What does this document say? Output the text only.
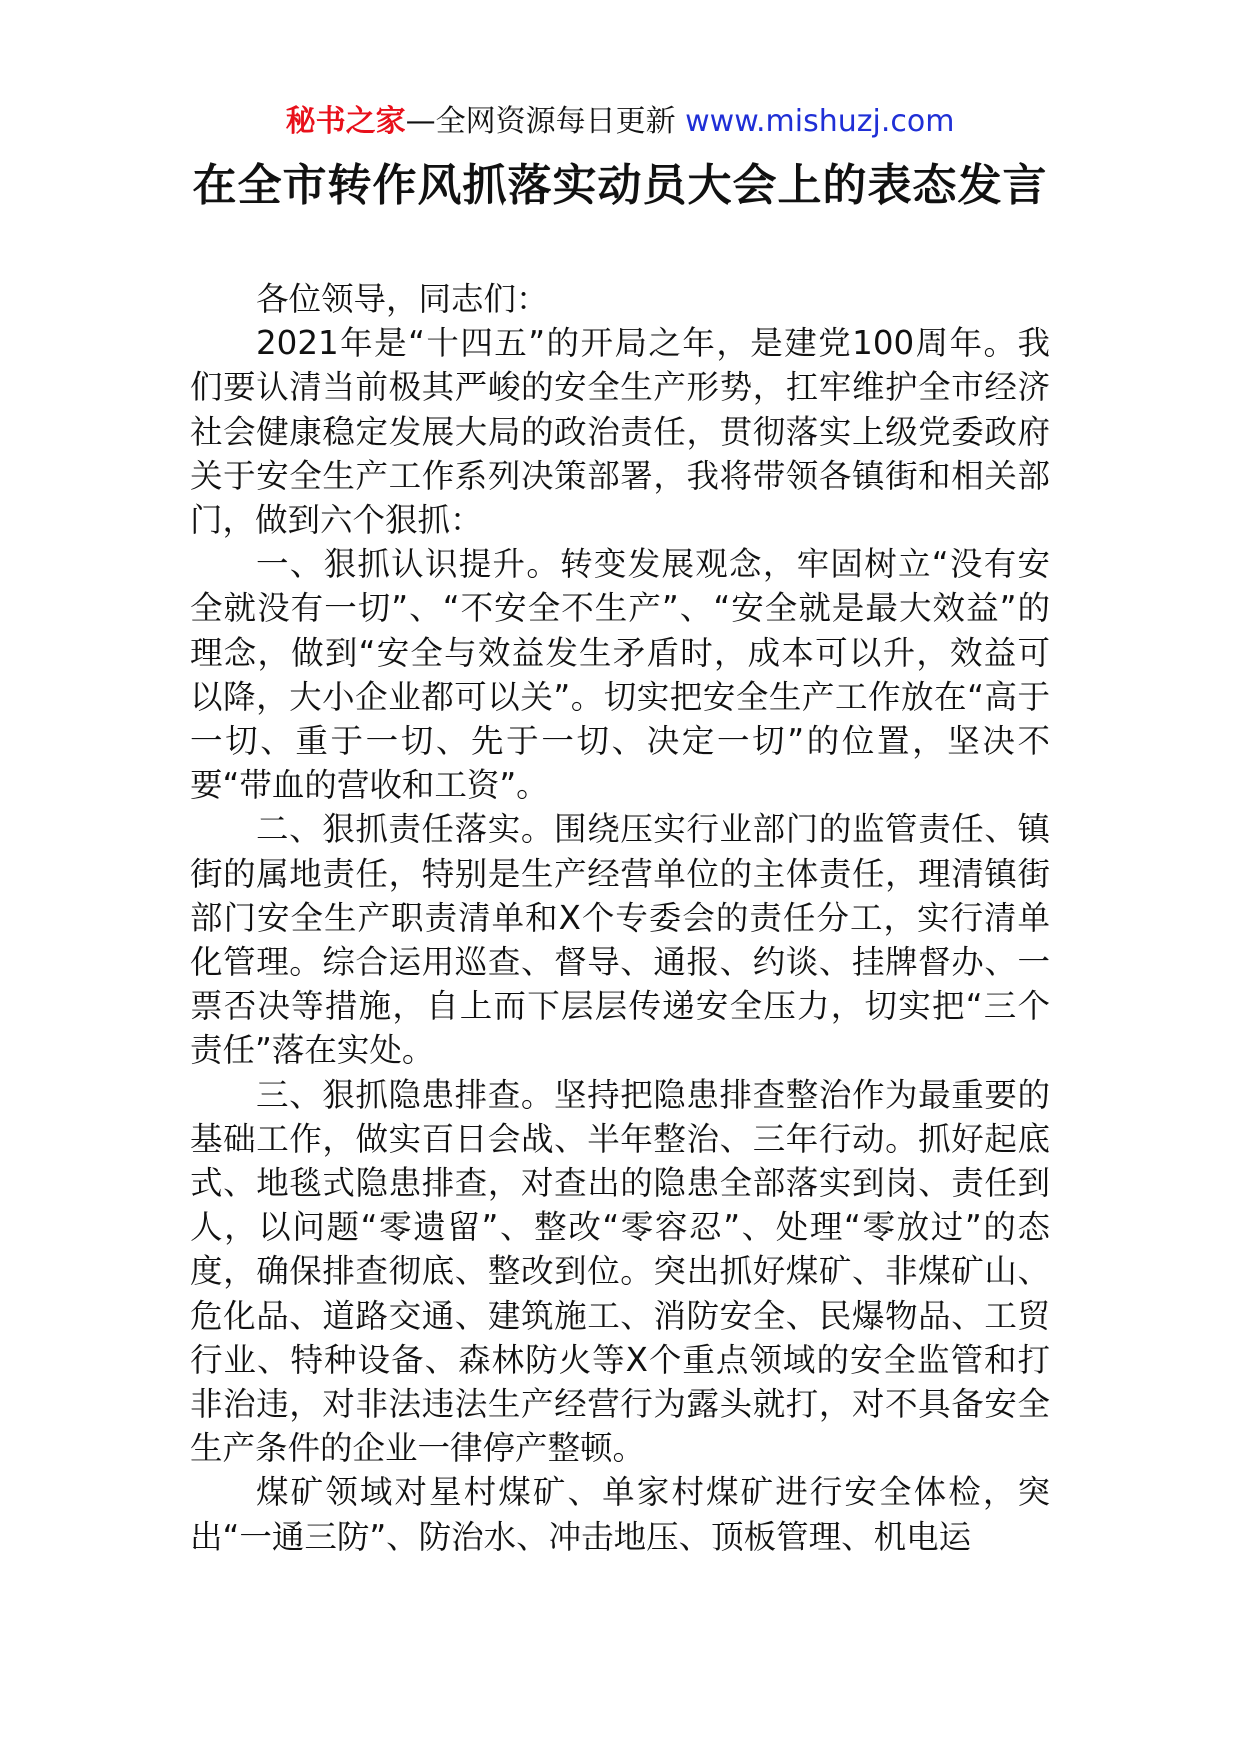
秘书之家—全网资源每日更新 www.mishuzj.com
在全市转作风抓落实动员大会上的表态发言

各位领导，同志们：

2021年是“十四五”的开局之年，是建党100周年。我们要认清当前极其严峻的安全生产形势，扛牢维护全市经济社会健康稳定发展大局的政治责任，贯彻落实上级党委政府关于安全生产工作系列决策部署，我将带领各镇街和相关部门，做到六个狠抓：

一、狠抓认识提升。转变发展观念，牢固树立“没有安全就没有一切”、“不安全不生产”、“安全就是最大效益”的理念，做到“安全与效益发生矛盾时，成本可以升，效益可以降，大小企业都可以关”。切实把安全生产工作放在“高于一切、重于一切、先于一切、决定一切”的位置，坚决不要“带血的营收和工资”。

二、狠抓责任落实。围绕压实行业部门的监管责任、镇街的属地责任，特别是生产经营单位的主体责任，理清镇街部门安全生产职责清单和X个专委会的责任分工，实行清单化管理。综合运用巡查、督导、通报、约谈、挂牌督办、一票否决等措施，自上而下层层传递安全压力，切实把“三个责任”落在实处。

三、狠抓隐患排查。坚持把隐患排查整治作为最重要的基础工作，做实百日会战、半年整治、三年行动。抓好起底式、地毯式隐患排查，对查出的隐患全部落实到岗、责任到人，以问题“零遗留”、整改“零容忍”、处理“零放过”的态度，确保排查彻底、整改到位。突出抓好煤矿、非煤矿山、危化品、道路交通、建筑施工、消防安全、民爆物品、工贸行业、特种设备、森林防火等X个重点领域的安全监管和打非治违，对非法违法生产经营行为露头就打，对不具备安全生产条件的企业一律停产整顿。

煤矿领域对星村煤矿、单家村煤矿进行安全体检，突出“一通三防”、防治水、冲击地压、顶板管理、机电运
